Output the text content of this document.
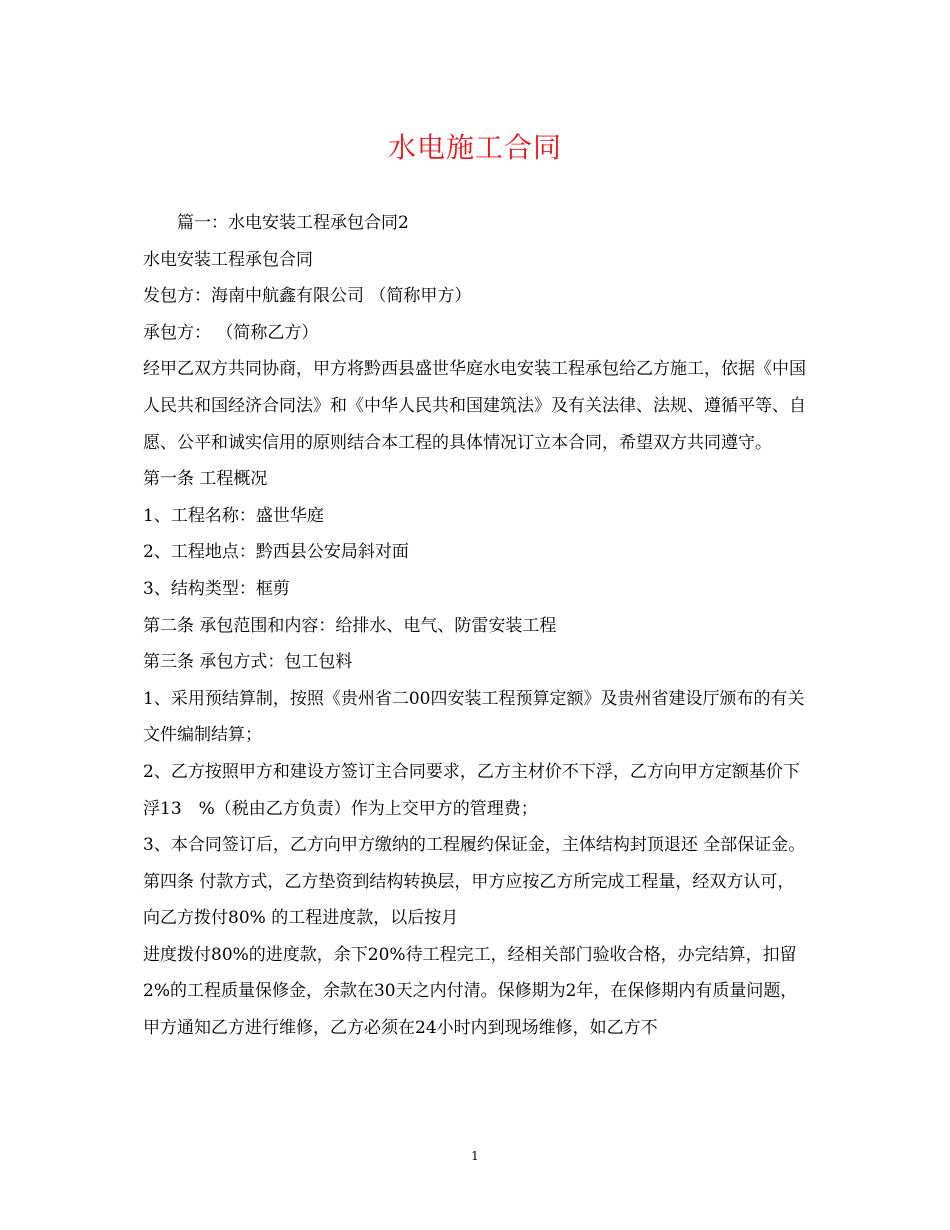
水电施工合同

篇一：水电安装工程承包合同2

水电安装工程承包合同

发包方：海南中航鑫有限公司 （简称甲方）

承包方： （简称乙方）

经甲乙双方共同协商，甲方将黔西县盛世华庭水电安装工程承包给乙方施工，依据《中国人民共和国经济合同法》和《中华人民共和国建筑法》及有关法律、法规、遵循平等、自愿、公平和诚实信用的原则结合本工程的具体情况订立本合同，希望双方共同遵守。

第一条 工程概况

1、工程名称：盛世华庭

2、工程地点：黔西县公安局斜对面

3、结构类型：框剪

第二条 承包范围和内容：给排水、电气、防雷安装工程

第三条 承包方式：包工包料

1、采用预结算制，按照《贵州省二00四安装工程预算定额》及贵州省建设厅颁布的有关文件编制结算；

2、乙方按照甲方和建设方签订主合同要求，乙方主材价不下浮，乙方向甲方定额基价下浮13　%（税由乙方负责）作为上交甲方的管理费；

3、本合同签订后，乙方向甲方缴纳的工程履约保证金，主体结构封顶退还 全部保证金。

第四条 付款方式，乙方垫资到结构转换层，甲方应按乙方所完成工程量，经双方认可，向乙方拨付80% 的工程进度款，以后按月

进度拨付80%的进度款，余下20%待工程完工，经相关部门验收合格，办完结算，扣留2%的工程质量保修金，余款在30天之内付清。保修期为2年，在保修期内有质量问题，甲方通知乙方进行维修，乙方必须在24小时内到现场维修，如乙方不

1
